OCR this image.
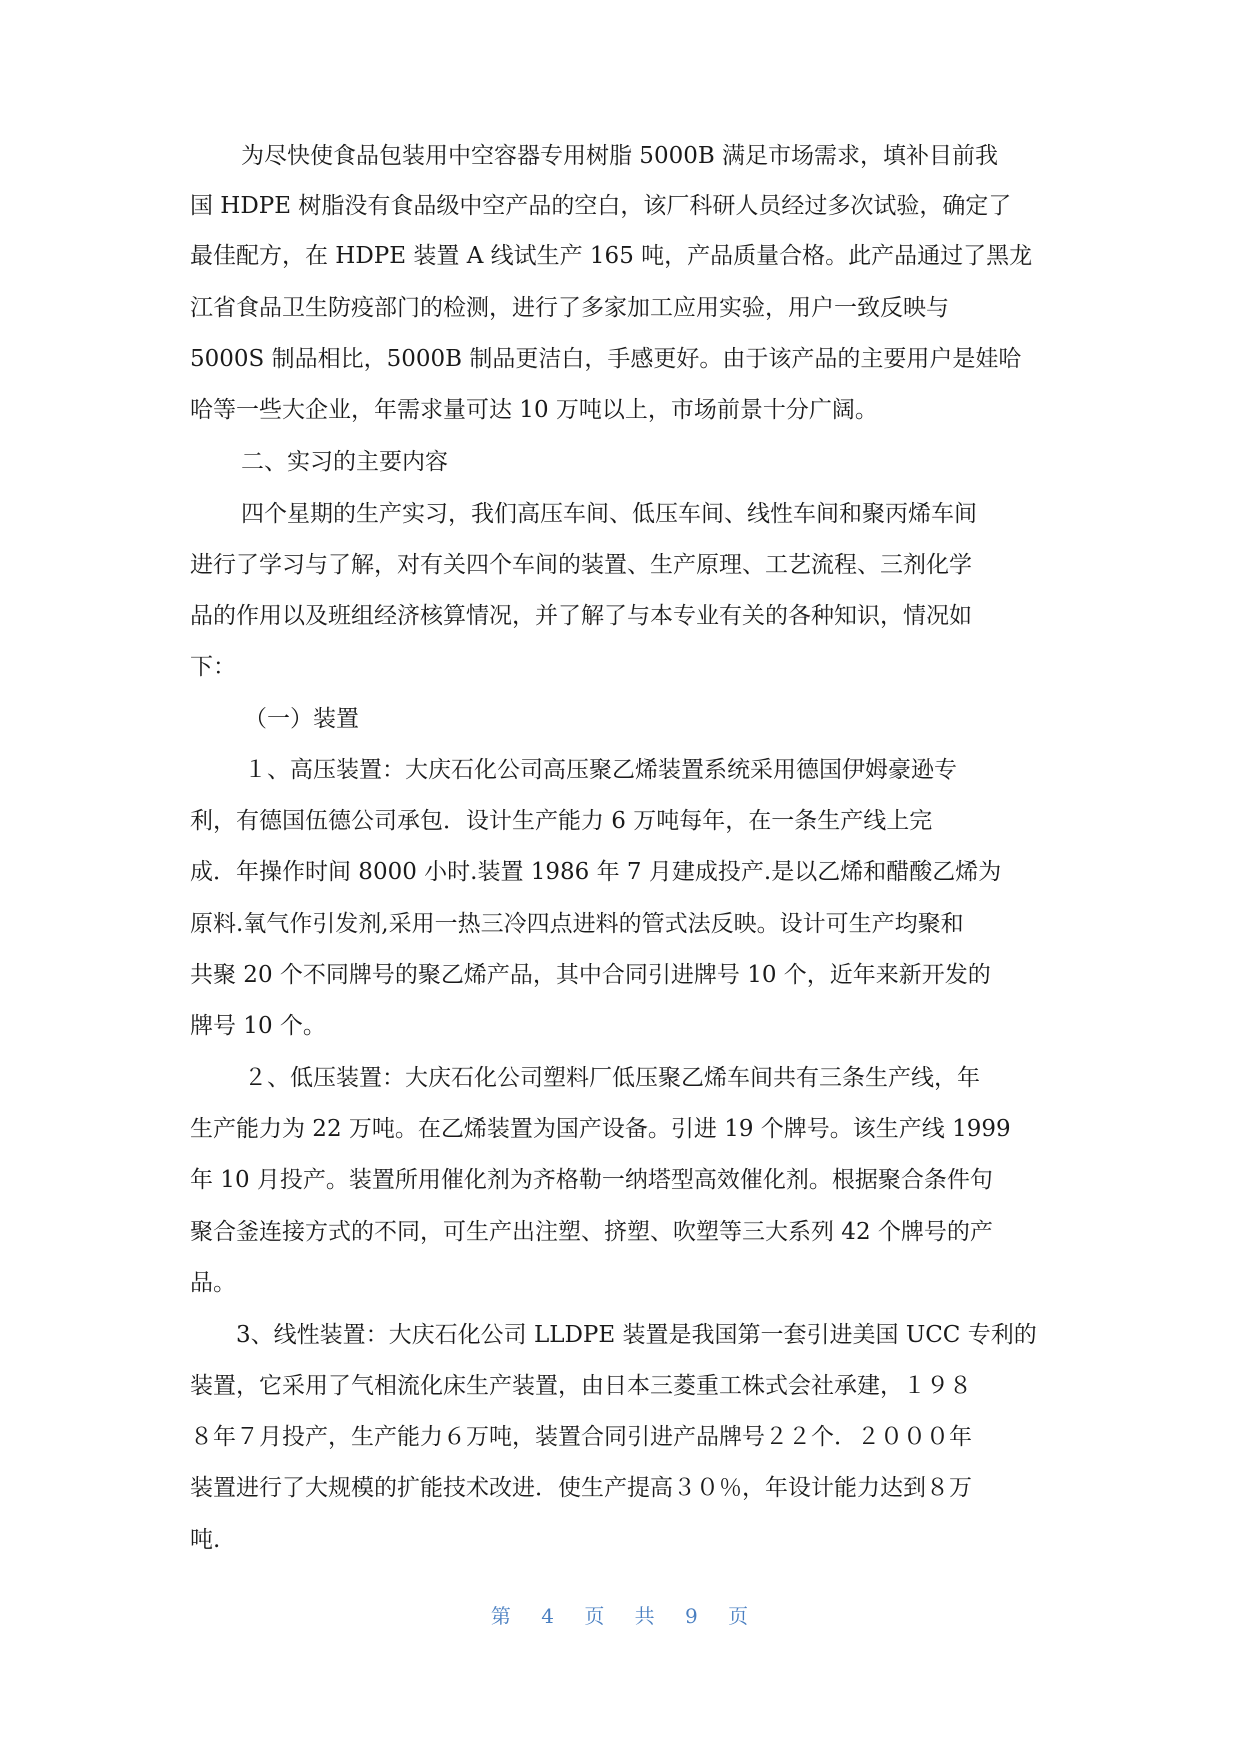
为尽快使食品包装用中空容器专用树脂 5000B 满足市场需求，填补目前我
国 HDPE 树脂没有食品级中空产品的空白，该厂科研人员经过多次试验，确定了
最佳配方，在 HDPE 装置 A 线试生产 165 吨，产品质量合格。此产品通过了黑龙
江省食品卫生防疫部门的检测，进行了多家加工应用实验，用户一致反映与
5000S 制品相比，5000B 制品更洁白，手感更好。由于该产品的主要用户是娃哈
哈等一些大企业，年需求量可达 10 万吨以上，市场前景十分广阔。
二、实习的主要内容
四个星期的生产实习，我们高压车间、低压车间、线性车间和聚丙烯车间
进行了学习与了解，对有关四个车间的装置、生产原理、工艺流程、三剂化学
品的作用以及班组经济核算情况，并了解了与本专业有关的各种知识，情况如
下：
（一）装置
１、高压装置：大庆石化公司高压聚乙烯装置系统采用德国伊姆豪逊专
利，有德国伍德公司承包．设计生产能力 6 万吨每年，在一条生产线上完
成．年操作时间 8000 小时.装置 1986 年 7 月建成投产.是以乙烯和醋酸乙烯为
原料.氧气作引发剂,采用一热三冷四点进料的管式法反映。设计可生产均聚和
共聚 20 个不同牌号的聚乙烯产品，其中合同引进牌号 10 个，近年来新开发的
牌号 10 个。
２、低压装置：大庆石化公司塑料厂低压聚乙烯车间共有三条生产线，年
生产能力为 22 万吨。在乙烯装置为国产设备。引进 19 个牌号。该生产线 1999
年 10 月投产。装置所用催化剂为齐格勒一纳塔型高效催化剂。根据聚合条件句
聚合釜连接方式的不同，可生产出注塑、挤塑、吹塑等三大系列 42 个牌号的产
品。
3、线性装置：大庆石化公司 LLDPE 装置是我国第一套引进美国 UCC 专利的
装置，它采用了气相流化床生产装置，由日本三菱重工株式会社承建，１９８
８年７月投产，生产能力６万吨，装置合同引进产品牌号２２个．２０００年
装置进行了大规模的扩能技术改进．使生产提高３０％，年设计能力达到８万
吨.
第 4 页 共 9 页
